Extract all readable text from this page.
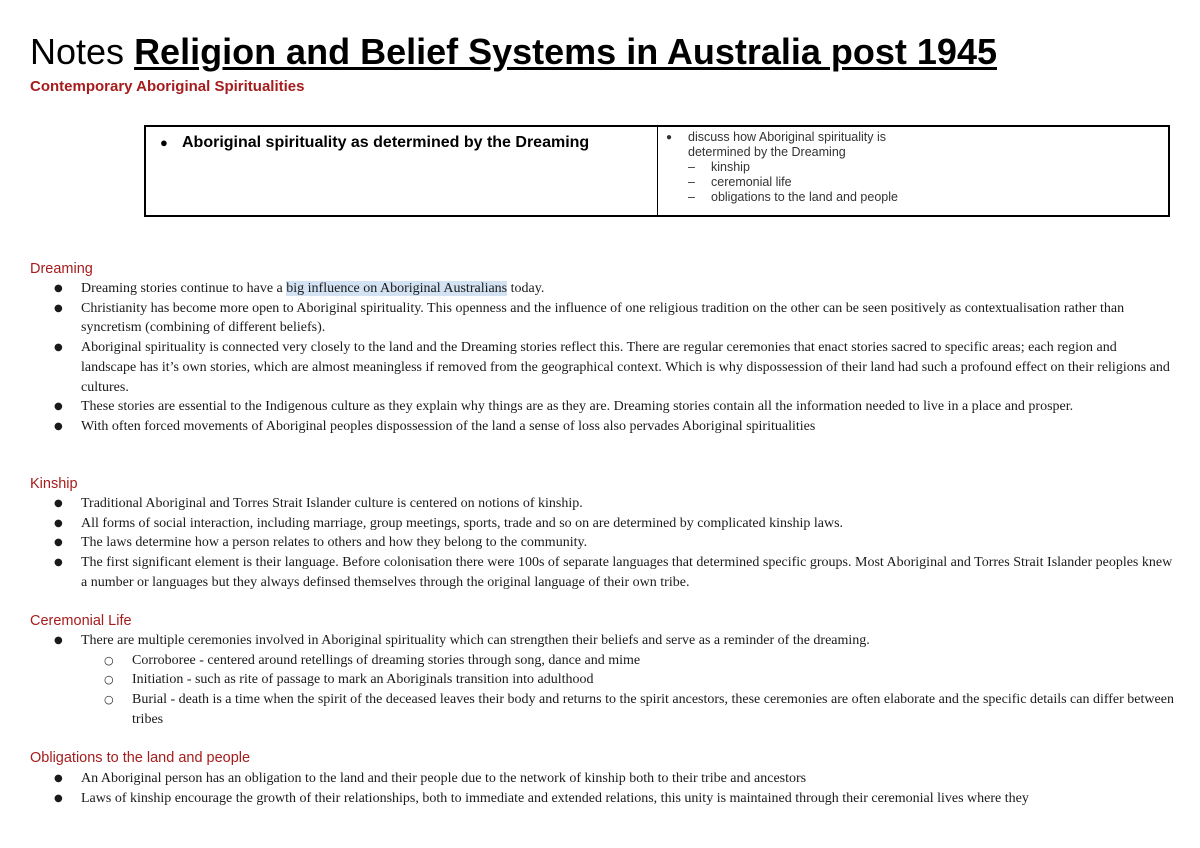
Notes Religion and Belief Systems in Australia post 1945
Contemporary Aboriginal Spiritualities
● Aboriginal spirituality as determined by the Dreaming	●	discuss how Aboriginal spirituality is
determined by the Dreaming
–	kinship
–	ceremonial life
–	obligations to the land and people
Dreaming
● Dreaming stories continue to have a big influence on Aboriginal Australians today.
● Christianity has become more open to Aboriginal spirituality. This openness and the influence of one religious tradition on the other can be seen positively as contextualisation rather than syncretism (combining of different beliefs).
● Aboriginal spirituality is connected very closely to the land and the Dreaming stories reflect this. There are regular ceremonies that enact stories sacred to specific areas; each region and landscape has it’s own stories, which are almost meaningless if removed from the geographical context. Which is why dispossession of their land had such a profound effect on their religions and cultures.
● These stories are essential to the Indigenous culture as they explain why things are as they are. Dreaming stories contain all the information needed to live in a place and prosper.
● With often forced movements of Aboriginal peoples dispossession of the land a sense of loss also pervades Aboriginal spiritualities
Kinship
● Traditional Aboriginal and Torres Strait Islander culture is centered on notions of kinship.
● All forms of social interaction, including marriage, group meetings, sports, trade and so on are determined by complicated kinship laws.
● The laws determine how a person relates to others and how they belong to the community.
● The first significant element is their language. Before colonisation there were 100s of separate languages that determined specific groups. Most Aboriginal and Torres Strait Islander peoples knew a number or languages but they always definsed themselves through the original language of their own tribe.
Ceremonial Life
● There are multiple ceremonies involved in Aboriginal spirituality which can strengthen their beliefs and serve as a reminder of the dreaming.
○ Corroboree - centered around retellings of dreaming stories through song, dance and mime
○ Initiation - such as rite of passage to mark an Aboriginals transition into adulthood
○ Burial - death is a time when the spirit of the deceased leaves their body and returns to the spirit ancestors, these ceremonies are often elaborate and the specific details can differ between tribes
Obligations to the land and people
● An Aboriginal person has an obligation to the land and their people due to the network of kinship both to their tribe and ancestors
● Laws of kinship encourage the growth of their relationships, both to immediate and extended relations, this unity is maintained through their ceremonial lives where they
